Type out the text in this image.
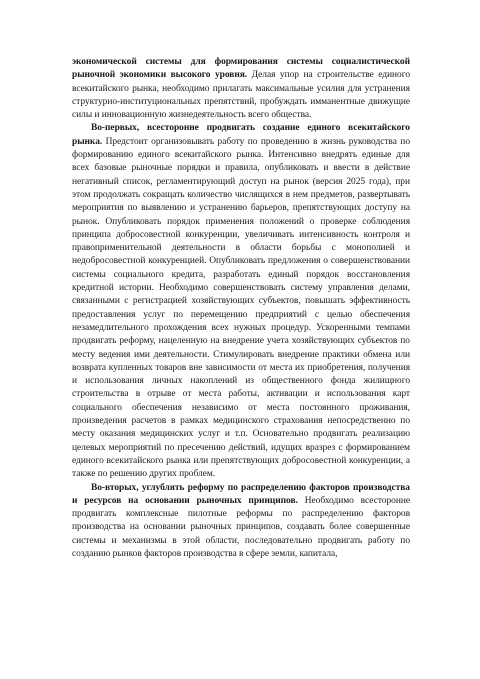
экономической системы для формирования системы социалистической рыночной экономики высокого уровня. Делая упор на строительстве единого всекитайского рынка, необходимо прилагать максимальные усилия для устранения структурно-институциональных препятствий, пробуждать имманентные движущие силы и инновационную жизнедеятельность всего общества.

Во-первых, всесторонне продвигать создание единого всекитайского рынка. Предстоит организовывать работу по проведению в жизнь руководства по формированию единого всекитайского рынка. Интенсивно внедрять единые для всех базовые рыночные порядки и правила, опубликовать и ввести в действие негативный список, регламентирующий доступ на рынок (версия 2025 года), при этом продолжать сокращать количество числящихся в нем предметов, развертывать мероприятия по выявлению и устранению барьеров, препятствующих доступу на рынок. Опубликовать порядок применения положений о проверке соблюдения принципа добросовестной конкуренции, увеличивать интенсивность контроля и правоприменительной деятельности в области борьбы с монополией и недобросовестной конкуренцией. Опубликовать предложения о совершенствовании системы социального кредита, разработать единый порядок восстановления кредитной истории. Необходимо совершенствовать систему управления делами, связанными с регистрацией хозяйствующих субъектов, повышать эффективность предоставления услуг по перемещению предприятий с целью обеспечения незамедлительного прохождения всех нужных процедур. Ускоренными темпами продвигать реформу, нацеленную на внедрение учета хозяйствующих субъектов по месту ведения ими деятельности. Стимулировать внедрение практики обмена или возврата купленных товаров вне зависимости от места их приобретения, получения и использования личных накоплений из общественного фонда жилищного строительства в отрыве от места работы, активации и использования карт социального обеспечения независимо от места постоянного проживания, произведения расчетов в рамках медицинского страхования непосредственно по месту оказания медицинских услуг и т.п. Основательно продвигать реализацию целевых мероприятий по пресечению действий, идущих вразрез с формированием единого всекитайского рынка или препятствующих добросовестной конкуренции, а также по решению других проблем.

Во-вторых, углублять реформу по распределению факторов производства и ресурсов на основании рыночных принципов. Необходимо всесторонне продвигать комплексные пилотные реформы по распределению факторов производства на основании рыночных принципов, создавать более совершенные системы и механизмы в этой области, последовательно продвигать работу по созданию рынков факторов производства в сфере земли, капитала,
